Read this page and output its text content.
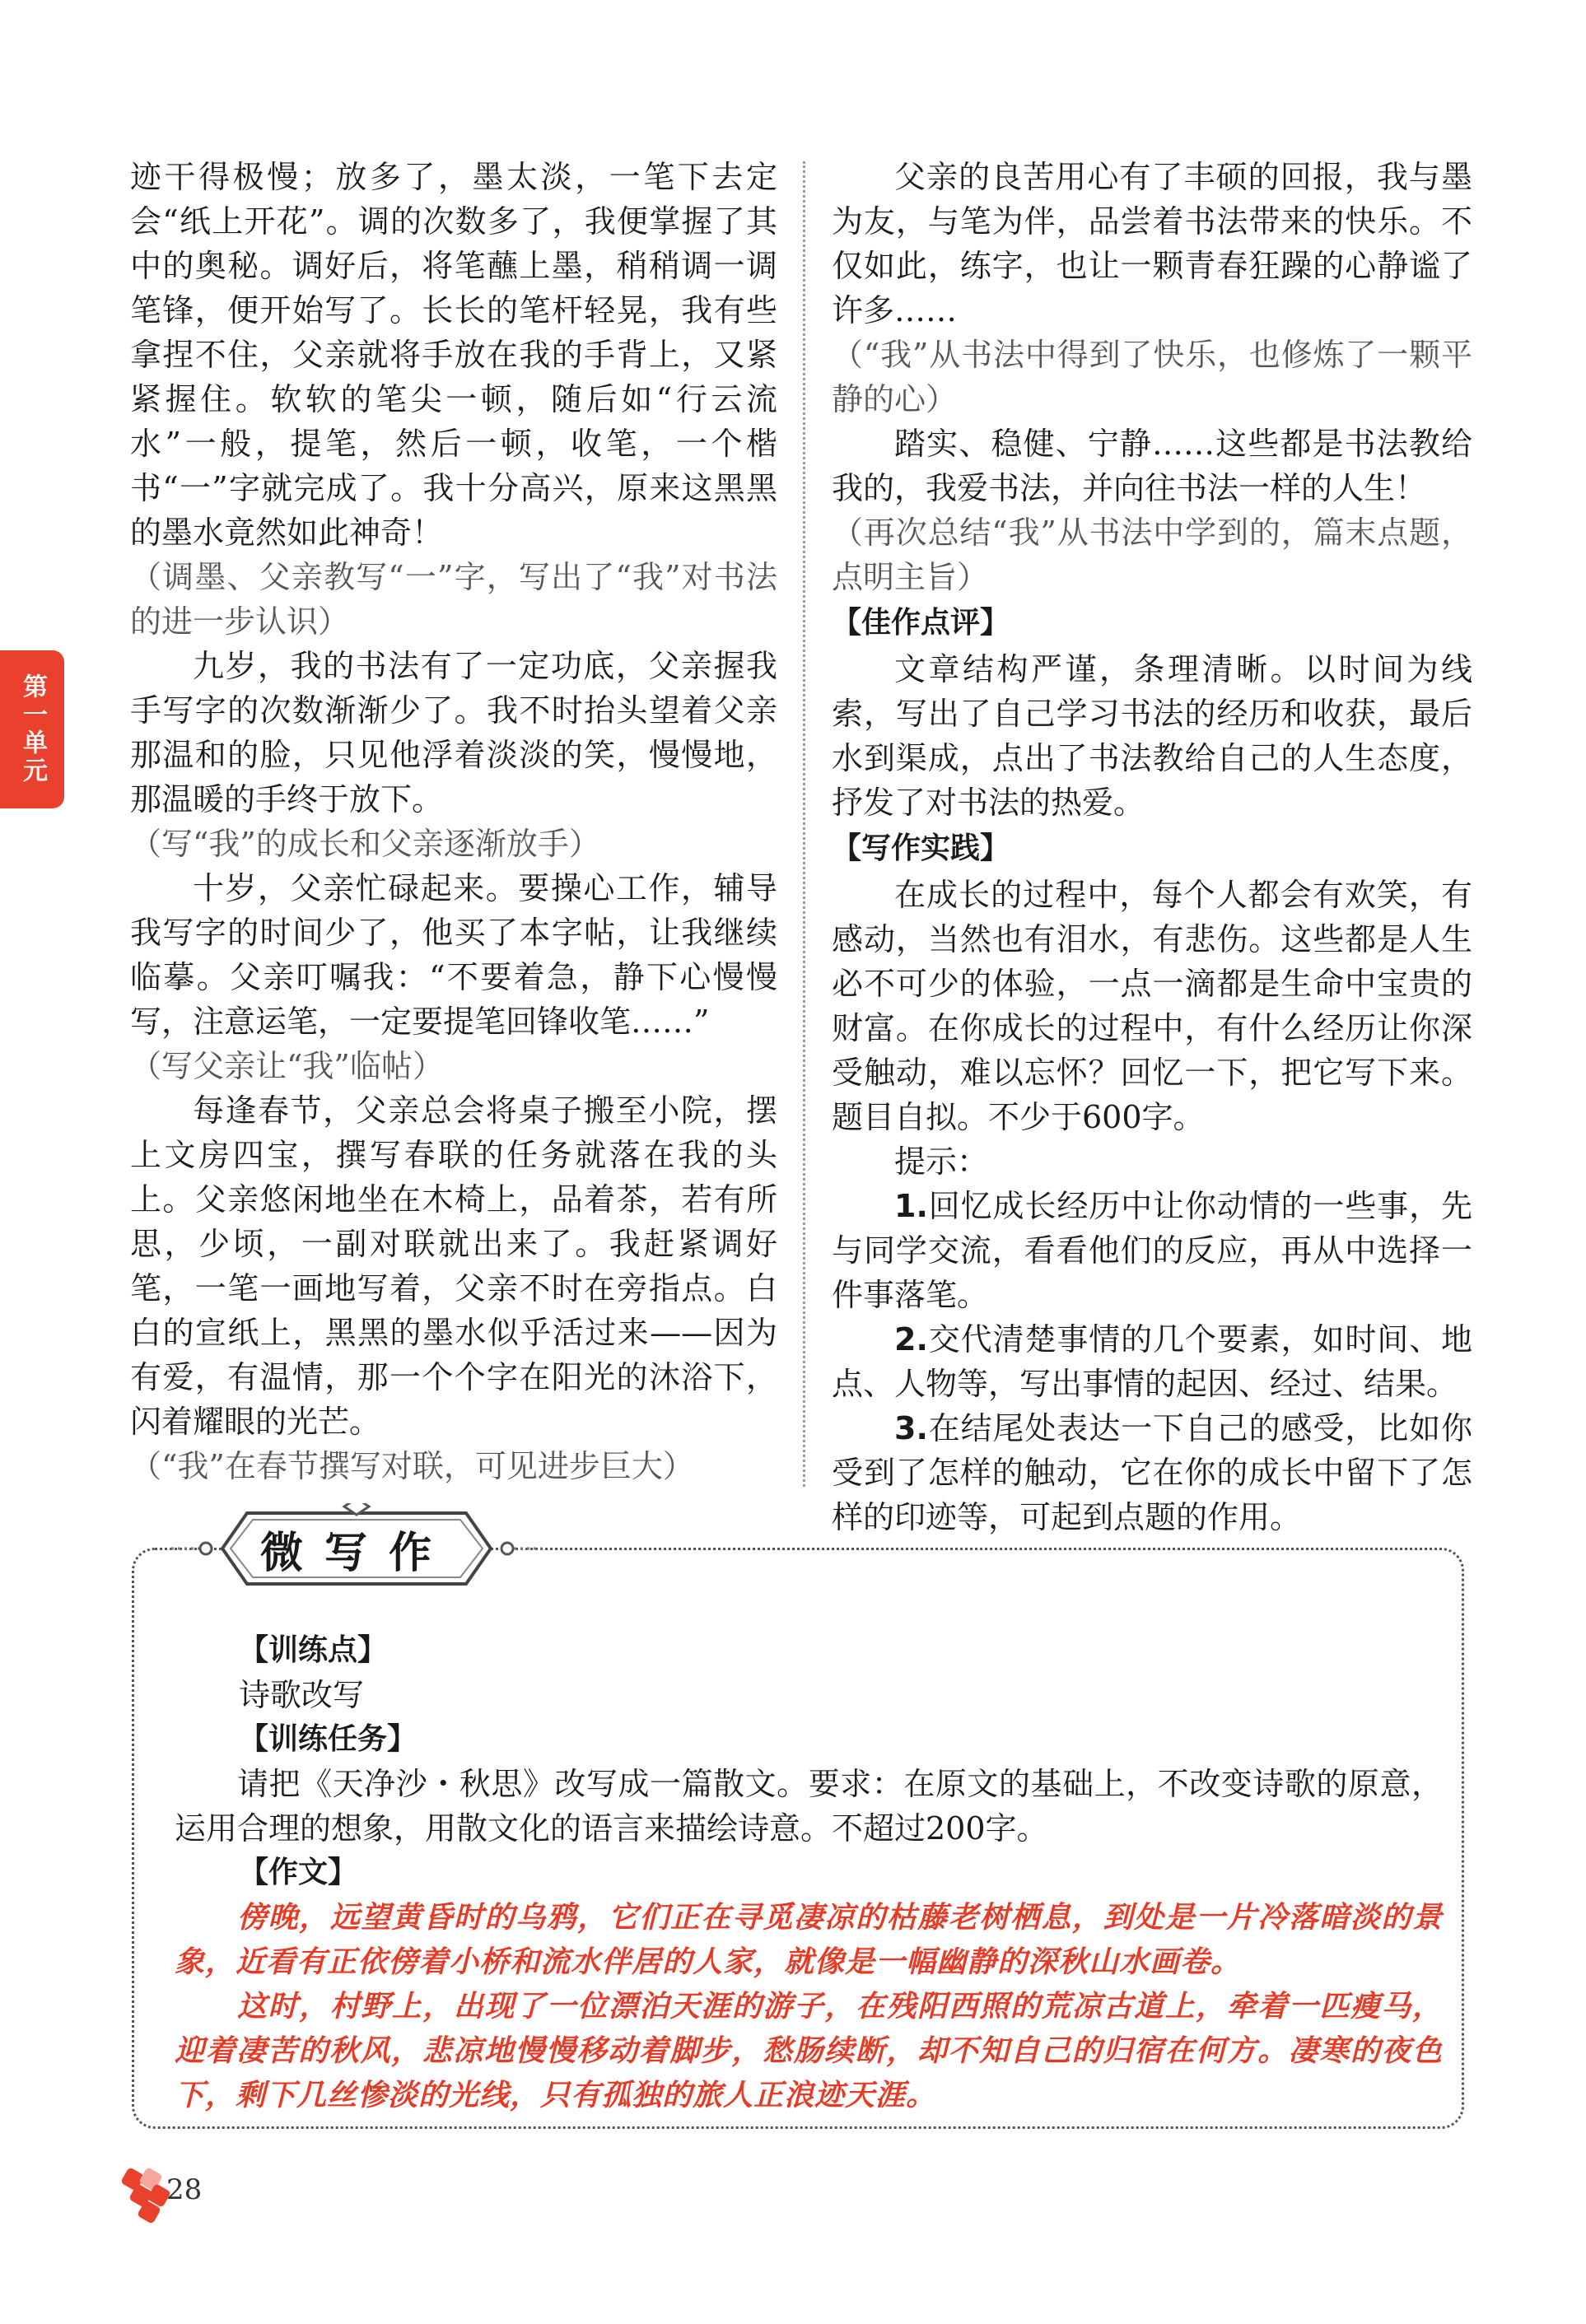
第一单元

迹干得极慢；放多了，墨太淡，一笔下去定会“纸上开花”。调的次数多了，我便掌握了其中的奥秘。调好后，将笔蘸上墨，稍稍调一调笔锋，便开始写了。长长的笔杆轻晃，我有些拿捏不住，父亲就将手放在我的手背上，又紧紧握住。软软的笔尖一顿，随后如“行云流水”一般，提笔，然后一顿，收笔，一个楷书“一”字就完成了。我十分高兴，原来这黑黑的墨水竟然如此神奇！

（调墨、父亲教写“一”字，写出了“我”对书法的进一步认识）

九岁，我的书法有了一定功底，父亲握我手写字的次数渐渐少了。我不时抬头望着父亲那温和的脸，只见他浮着淡淡的笑，慢慢地，那温暖的手终于放下。

（写“我”的成长和父亲逐渐放手）

十岁，父亲忙碌起来。要操心工作，辅导我写字的时间少了，他买了本字帖，让我继续临摹。父亲叮嘱我：“不要着急，静下心慢慢写，注意运笔，一定要提笔回锋收笔……”

（写父亲让“我”临帖）

每逢春节，父亲总会将桌子搬至小院，摆上文房四宝，撰写春联的任务就落在我的头上。父亲悠闲地坐在木椅上，品着茶，若有所思，少顷，一副对联就出来了。我赶紧调好笔，一笔一画地写着，父亲不时在旁指点。白白的宣纸上，黑黑的墨水似乎活过来——因为有爱，有温情，那一个个字在阳光的沐浴下，闪着耀眼的光芒。

（“我”在春节撰写对联，可见进步巨大）

父亲的良苦用心有了丰硕的回报，我与墨为友，与笔为伴，品尝着书法带来的快乐。不仅如此，练字，也让一颗青春狂躁的心静谧了许多……

（“我”从书法中得到了快乐，也修炼了一颗平静的心）

踏实、稳健、宁静……这些都是书法教给我的，我爱书法，并向往书法一样的人生！

（再次总结“我”从书法中学到的，篇末点题，点明主旨）

【佳作点评】

文章结构严谨，条理清晰。以时间为线索，写出了自己学习书法的经历和收获，最后水到渠成，点出了书法教给自己的人生态度，抒发了对书法的热爱。

【写作实践】

在成长的过程中，每个人都会有欢笑，有感动，当然也有泪水，有悲伤。这些都是人生必不可少的体验，一点一滴都是生命中宝贵的财富。在你成长的过程中，有什么经历让你深受触动，难以忘怀？回忆一下，把它写下来。题目自拟。不少于600字。

提示：

1.回忆成长经历中让你动情的一些事，先与同学交流，看看他们的反应，再从中选择一件事落笔。

2.交代清楚事情的几个要素，如时间、地点、人物等，写出事情的起因、经过、结果。

3.在结尾处表达一下自己的感受，比如你受到了怎样的触动，它在你的成长中留下了怎样的印迹等，可起到点题的作用。

微写作

【训练点】

诗歌改写

【训练任务】

请把《天净沙・秋思》改写成一篇散文。要求：在原文的基础上，不改变诗歌的原意，运用合理的想象，用散文化的语言来描绘诗意。不超过200字。

【作文】

傍晚，远望黄昏时的乌鸦，它们正在寻觅凄凉的枯藤老树栖息，到处是一片冷落暗淡的景象，近看有正依傍着小桥和流水伴居的人家，就像是一幅幽静的深秋山水画卷。

这时，村野上，出现了一位漂泊天涯的游子，在残阳西照的荒凉古道上，牵着一匹瘦马，迎着凄苦的秋风，悲凉地慢慢移动着脚步，愁肠续断，却不知自己的归宿在何方。凄寒的夜色下，剩下几丝惨淡的光线，只有孤独的旅人正浪迹天涯。

28
